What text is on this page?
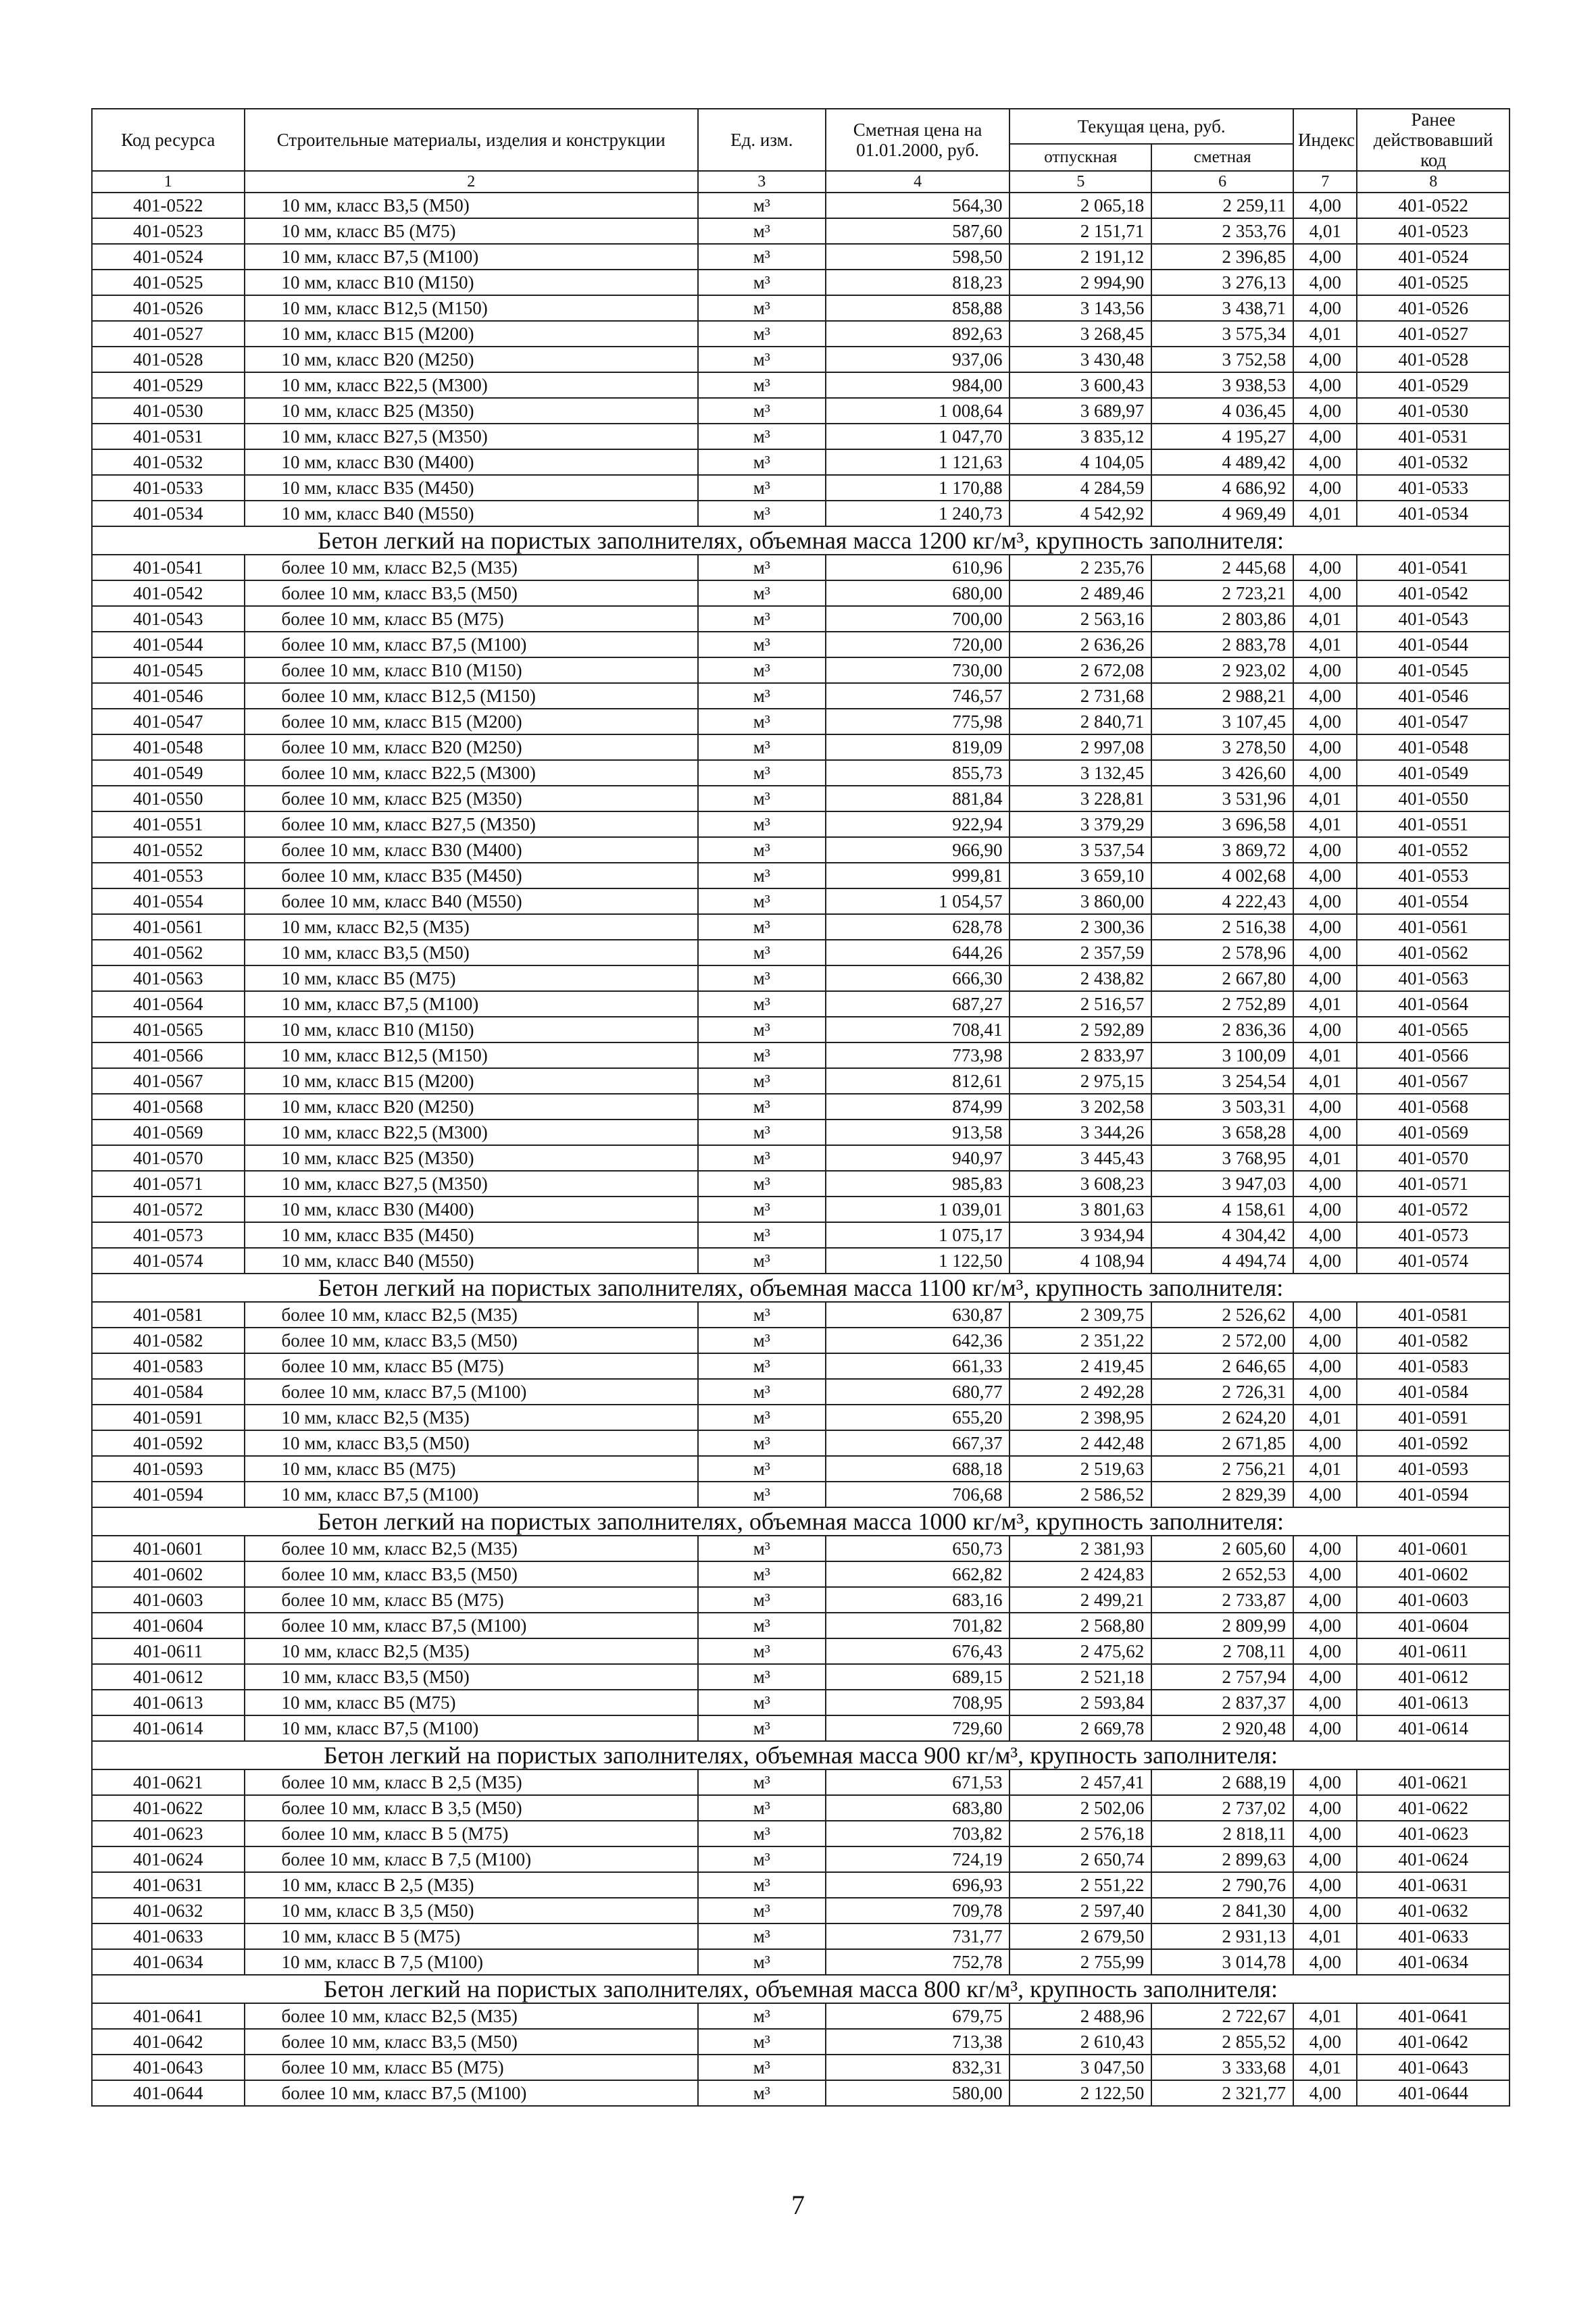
Код ресурса	Строительные материалы, изделия и конструкции	Ед. изм.	Сметная цена на 01.01.2000, руб.	Текущая цена, руб.		Индекс	Ранее действовавший код
				отпускная	сметная		
1	2	3	4	5	6	7	8
401-0522	10 мм, класс В3,5 (М50)	м³	564,30	2 065,18	2 259,11	4,00	401-0522
401-0523	10 мм, класс В5 (М75)	м³	587,60	2 151,71	2 353,76	4,01	401-0523
401-0524	10 мм, класс В7,5 (М100)	м³	598,50	2 191,12	2 396,85	4,00	401-0524
401-0525	10 мм, класс В10 (М150)	м³	818,23	2 994,90	3 276,13	4,00	401-0525
401-0526	10 мм, класс В12,5 (М150)	м³	858,88	3 143,56	3 438,71	4,00	401-0526
401-0527	10 мм, класс В15 (М200)	м³	892,63	3 268,45	3 575,34	4,01	401-0527
401-0528	10 мм, класс В20 (М250)	м³	937,06	3 430,48	3 752,58	4,00	401-0528
401-0529	10 мм, класс В22,5 (М300)	м³	984,00	3 600,43	3 938,53	4,00	401-0529
401-0530	10 мм, класс В25 (М350)	м³	1 008,64	3 689,97	4 036,45	4,00	401-0530
401-0531	10 мм, класс В27,5 (М350)	м³	1 047,70	3 835,12	4 195,27	4,00	401-0531
401-0532	10 мм, класс В30 (М400)	м³	1 121,63	4 104,05	4 489,42	4,00	401-0532
401-0533	10 мм, класс В35 (М450)	м³	1 170,88	4 284,59	4 686,92	4,00	401-0533
401-0534	10 мм, класс В40 (М550)	м³	1 240,73	4 542,92	4 969,49	4,01	401-0534
Бетон легкий на пористых заполнителях, объемная масса 1200 кг/м³, крупность заполнителя:							
401-0541	более 10 мм, класс В2,5 (М35)	м³	610,96	2 235,76	2 445,68	4,00	401-0541
401-0542	более 10 мм, класс В3,5 (М50)	м³	680,00	2 489,46	2 723,21	4,00	401-0542
401-0543	более 10 мм, класс В5 (М75)	м³	700,00	2 563,16	2 803,86	4,01	401-0543
401-0544	более 10 мм, класс В7,5 (М100)	м³	720,00	2 636,26	2 883,78	4,01	401-0544
401-0545	более 10 мм, класс В10 (М150)	м³	730,00	2 672,08	2 923,02	4,00	401-0545
401-0546	более 10 мм, класс В12,5 (М150)	м³	746,57	2 731,68	2 988,21	4,00	401-0546
401-0547	более 10 мм, класс В15 (М200)	м³	775,98	2 840,71	3 107,45	4,00	401-0547
401-0548	более 10 мм, класс В20 (М250)	м³	819,09	2 997,08	3 278,50	4,00	401-0548
401-0549	более 10 мм, класс В22,5 (М300)	м³	855,73	3 132,45	3 426,60	4,00	401-0549
401-0550	более 10 мм, класс В25 (М350)	м³	881,84	3 228,81	3 531,96	4,01	401-0550
401-0551	более 10 мм, класс В27,5 (М350)	м³	922,94	3 379,29	3 696,58	4,01	401-0551
401-0552	более 10 мм, класс В30 (М400)	м³	966,90	3 537,54	3 869,72	4,00	401-0552
401-0553	более 10 мм, класс В35 (М450)	м³	999,81	3 659,10	4 002,68	4,00	401-0553
401-0554	более 10 мм, класс В40 (М550)	м³	1 054,57	3 860,00	4 222,43	4,00	401-0554
401-0561	10 мм, класс В2,5 (М35)	м³	628,78	2 300,36	2 516,38	4,00	401-0561
401-0562	10 мм, класс В3,5 (М50)	м³	644,26	2 357,59	2 578,96	4,00	401-0562
401-0563	10 мм, класс В5 (М75)	м³	666,30	2 438,82	2 667,80	4,00	401-0563
401-0564	10 мм, класс В7,5 (М100)	м³	687,27	2 516,57	2 752,89	4,01	401-0564
401-0565	10 мм, класс В10 (М150)	м³	708,41	2 592,89	2 836,36	4,00	401-0565
401-0566	10 мм, класс В12,5 (М150)	м³	773,98	2 833,97	3 100,09	4,01	401-0566
401-0567	10 мм, класс В15 (М200)	м³	812,61	2 975,15	3 254,54	4,01	401-0567
401-0568	10 мм, класс В20 (М250)	м³	874,99	3 202,58	3 503,31	4,00	401-0568
401-0569	10 мм, класс В22,5 (М300)	м³	913,58	3 344,26	3 658,28	4,00	401-0569
401-0570	10 мм, класс В25 (М350)	м³	940,97	3 445,43	3 768,95	4,01	401-0570
401-0571	10 мм, класс В27,5 (М350)	м³	985,83	3 608,23	3 947,03	4,00	401-0571
401-0572	10 мм, класс В30 (М400)	м³	1 039,01	3 801,63	4 158,61	4,00	401-0572
401-0573	10 мм, класс В35 (М450)	м³	1 075,17	3 934,94	4 304,42	4,00	401-0573
401-0574	10 мм, класс В40 (М550)	м³	1 122,50	4 108,94	4 494,74	4,00	401-0574
Бетон легкий на пористых заполнителях, объемная масса 1100 кг/м³, крупность заполнителя:							
401-0581	более 10 мм, класс В2,5 (М35)	м³	630,87	2 309,75	2 526,62	4,00	401-0581
401-0582	более 10 мм, класс В3,5 (М50)	м³	642,36	2 351,22	2 572,00	4,00	401-0582
401-0583	более 10 мм, класс В5 (М75)	м³	661,33	2 419,45	2 646,65	4,00	401-0583
401-0584	более 10 мм, класс В7,5 (М100)	м³	680,77	2 492,28	2 726,31	4,00	401-0584
401-0591	10 мм, класс В2,5 (М35)	м³	655,20	2 398,95	2 624,20	4,01	401-0591
401-0592	10 мм, класс В3,5 (М50)	м³	667,37	2 442,48	2 671,85	4,00	401-0592
401-0593	10 мм, класс В5 (М75)	м³	688,18	2 519,63	2 756,21	4,01	401-0593
401-0594	10 мм, класс В7,5 (М100)	м³	706,68	2 586,52	2 829,39	4,00	401-0594
Бетон легкий на пористых заполнителях, объемная масса 1000 кг/м³, крупность заполнителя:							
401-0601	более 10 мм, класс В2,5 (М35)	м³	650,73	2 381,93	2 605,60	4,00	401-0601
401-0602	более 10 мм, класс В3,5 (М50)	м³	662,82	2 424,83	2 652,53	4,00	401-0602
401-0603	более 10 мм, класс В5 (М75)	м³	683,16	2 499,21	2 733,87	4,00	401-0603
401-0604	более 10 мм, класс В7,5 (М100)	м³	701,82	2 568,80	2 809,99	4,00	401-0604
401-0611	10 мм, класс В2,5 (М35)	м³	676,43	2 475,62	2 708,11	4,00	401-0611
401-0612	10 мм, класс В3,5 (М50)	м³	689,15	2 521,18	2 757,94	4,00	401-0612
401-0613	10 мм, класс В5 (М75)	м³	708,95	2 593,84	2 837,37	4,00	401-0613
401-0614	10 мм, класс В7,5 (М100)	м³	729,60	2 669,78	2 920,48	4,00	401-0614
Бетон легкий на пористых заполнителях, объемная масса 900 кг/м³, крупность заполнителя:							
401-0621	более 10 мм, класс В 2,5 (М35)	м³	671,53	2 457,41	2 688,19	4,00	401-0621
401-0622	более 10 мм, класс В 3,5 (М50)	м³	683,80	2 502,06	2 737,02	4,00	401-0622
401-0623	более 10 мм, класс В 5 (М75)	м³	703,82	2 576,18	2 818,11	4,00	401-0623
401-0624	более 10 мм, класс В 7,5 (М100)	м³	724,19	2 650,74	2 899,63	4,00	401-0624
401-0631	10 мм, класс В 2,5 (М35)	м³	696,93	2 551,22	2 790,76	4,00	401-0631
401-0632	10 мм, класс В 3,5 (М50)	м³	709,78	2 597,40	2 841,30	4,00	401-0632
401-0633	10 мм, класс В 5 (М75)	м³	731,77	2 679,50	2 931,13	4,01	401-0633
401-0634	10 мм, класс В 7,5 (М100)	м³	752,78	2 755,99	3 014,78	4,00	401-0634
Бетон легкий на пористых заполнителях, объемная масса 800 кг/м³, крупность заполнителя:							
401-0641	более 10 мм, класс В2,5 (М35)	м³	679,75	2 488,96	2 722,67	4,01	401-0641
401-0642	более 10 мм, класс В3,5 (М50)	м³	713,38	2 610,43	2 855,52	4,00	401-0642
401-0643	более 10 мм, класс В5 (М75)	м³	832,31	3 047,50	3 333,68	4,01	401-0643
401-0644	более 10 мм, класс В7,5 (М100)	м³	580,00	2 122,50	2 321,77	4,00	401-0644
7
